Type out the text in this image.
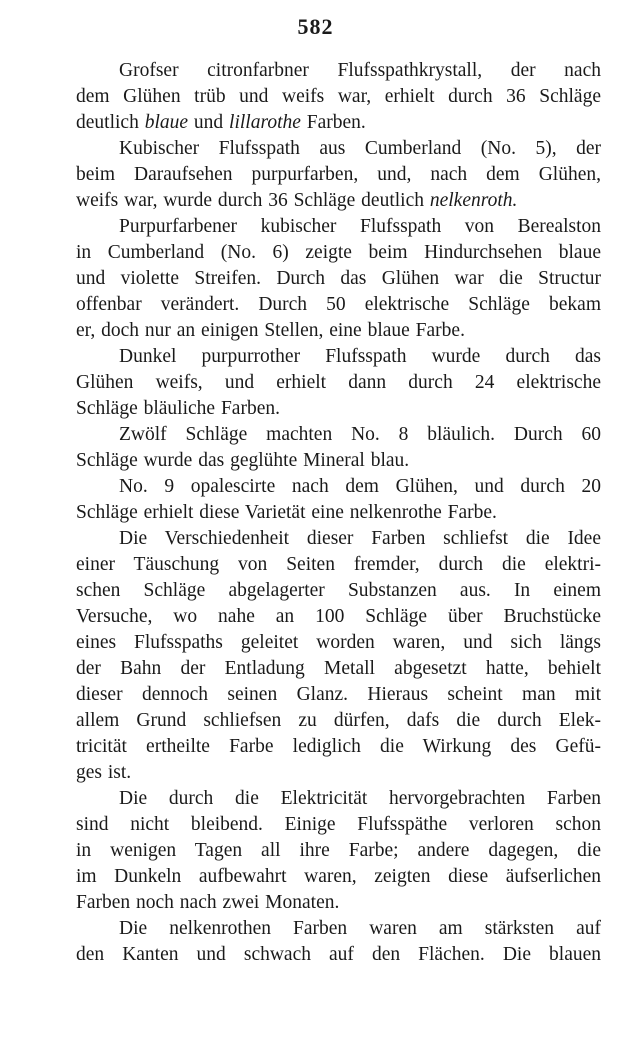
582
Grofser citronfarbner Flufsspathkrystall, der nach
dem Glühen trüb und weifs war, erhielt durch 36 Schläge
deutlich blaue und lillarothe Farben.
Kubischer Flufsspath aus Cumberland (No. 5), der
beim Daraufsehen purpurfarben, und, nach dem Glühen,
weifs war, wurde durch 36 Schläge deutlich nelkenroth.
Purpurfarbener kubischer Flufsspath von Berealston
in Cumberland (No. 6) zeigte beim Hindurchsehen blaue
und violette Streifen. Durch das Glühen war die Structur
offenbar verändert. Durch 50 elektrische Schläge bekam
er, doch nur an einigen Stellen, eine blaue Farbe.
Dunkel purpurrother Flufsspath wurde durch das
Glühen weifs, und erhielt dann durch 24 elektrische
Schläge bläuliche Farben.
Zwölf Schläge machten No. 8 bläulich. Durch 60
Schläge wurde das geglühte Mineral blau.
No. 9 opalescirte nach dem Glühen, und durch 20
Schläge erhielt diese Varietät eine nelkenrothe Farbe.
Die Verschiedenheit dieser Farben schliefst die Idee
einer Täuschung von Seiten fremder, durch die elektri-
schen Schläge abgelagerter Substanzen aus. In einem
Versuche, wo nahe an 100 Schläge über Bruchstücke
eines Flufsspaths geleitet worden waren, und sich längs
der Bahn der Entladung Metall abgesetzt hatte, behielt
dieser dennoch seinen Glanz. Hieraus scheint man mit
allem Grund schliefsen zu dürfen, dafs die durch Elek-
tricität ertheilte Farbe lediglich die Wirkung des Gefü-
ges ist.
Die durch die Elektricität hervorgebrachten Farben
sind nicht bleibend. Einige Flufsspäthe verloren schon
in wenigen Tagen all ihre Farbe; andere dagegen, die
im Dunkeln aufbewahrt waren, zeigten diese äufserlichen
Farben noch nach zwei Monaten.
Die nelkenrothen Farben waren am stärksten auf
den Kanten und schwach auf den Flächen. Die blauen
